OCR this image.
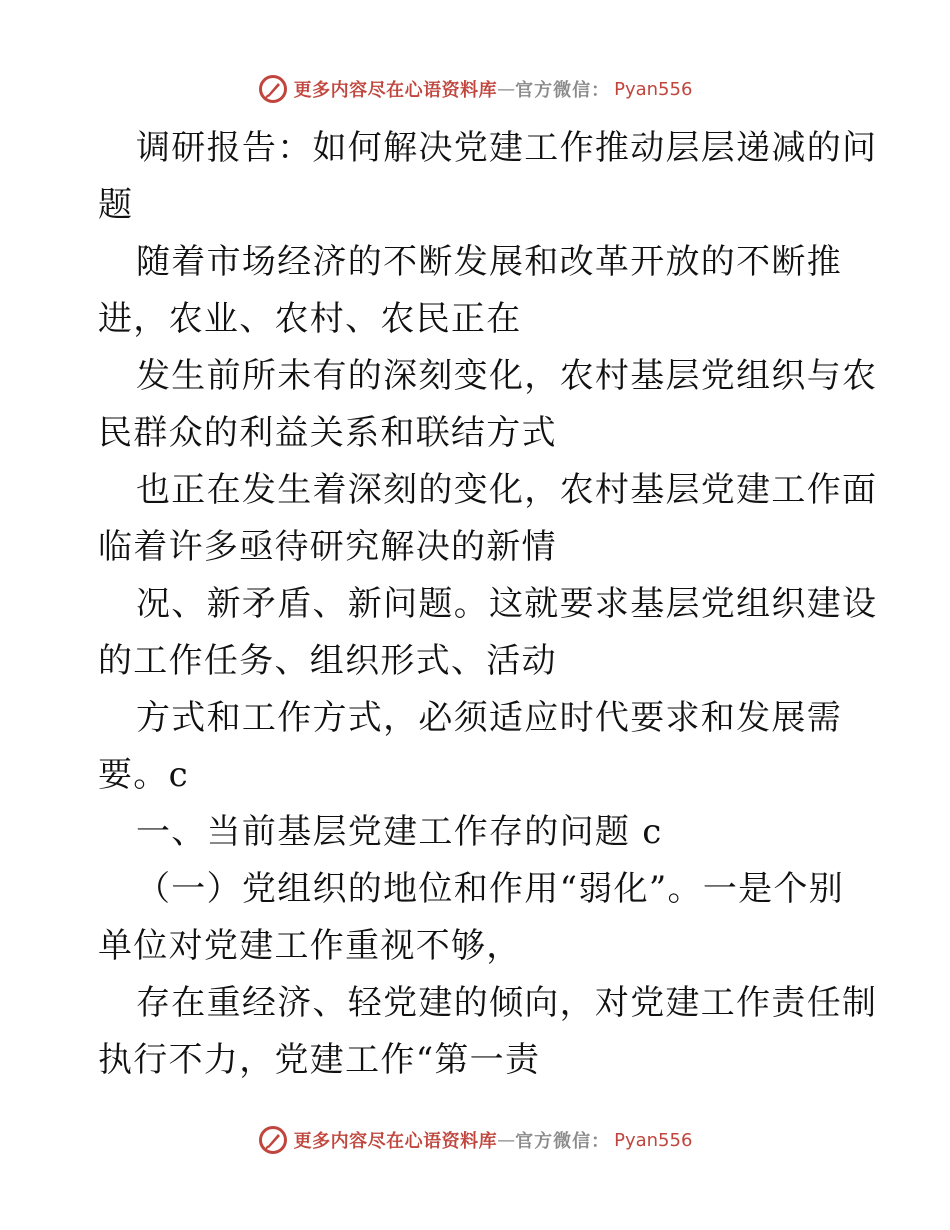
更多内容尽在心语资料库 — 官方微信： Pyan556

调研报告：如何解决党建工作推动层层递减的问
题
随着市场经济的不断发展和改革开放的不断推
进，农业、农村、农民正在
发生前所未有的深刻变化，农村基层党组织与农
民群众的利益关系和联结方式
也正在发生着深刻的变化，农村基层党建工作面
临着许多亟待研究解决的新情
况、新矛盾、新问题。这就要求基层党组织建设
的工作任务、组织形式、活动
方式和工作方式，必须适应时代要求和发展需
要。c
一、当前基层党建工作存的问题 c
（一）党组织的地位和作用“弱化”。一是个别
单位对党建工作重视不够，
存在重经济、轻党建的倾向，对党建工作责任制
执行不力，党建工作“第一责

更多内容尽在心语资料库 — 官方微信： Pyan556
